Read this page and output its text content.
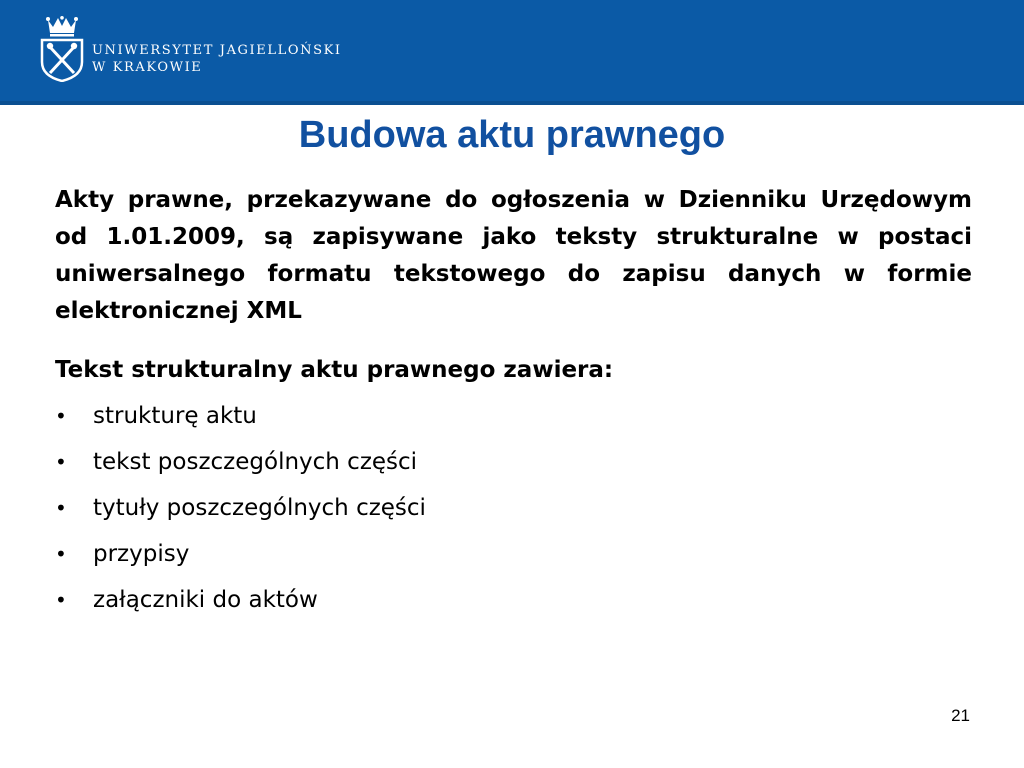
UNIWERSYTET JAGIELLOŃSKI
W KRAKOWIE
Budowa aktu prawnego
Akty prawne, przekazywane do ogłoszenia w Dzienniku Urzędowym od 1.01.2009, są zapisywane jako teksty strukturalne w postaci uniwersalnego formatu tekstowego do zapisu danych w formie elektronicznej XML
Tekst strukturalny aktu prawnego zawiera:
• strukturę aktu
• tekst poszczególnych części
• tytuły poszczególnych części
• przypisy
• załączniki do aktów
21
